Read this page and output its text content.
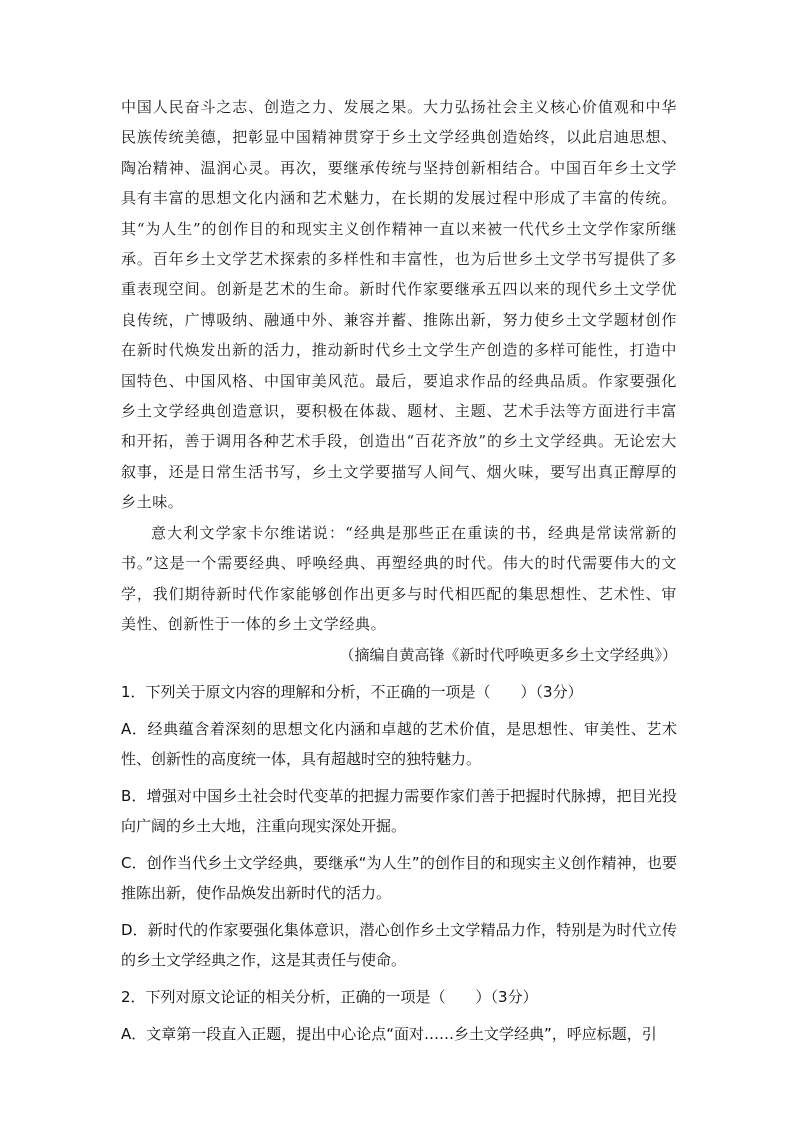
中国人民奋斗之志、创造之力、发展之果。大力弘扬社会主义核心价值观和中华民族传统美德，把彰显中国精神贯穿于乡土文学经典创造始终，以此启迪思想、陶冶精神、温润心灵。再次，要继承传统与坚持创新相结合。中国百年乡土文学具有丰富的思想文化内涵和艺术魅力，在长期的发展过程中形成了丰富的传统。其“为人生”的创作目的和现实主义创作精神一直以来被一代代乡土文学作家所继承。百年乡土文学艺术探索的多样性和丰富性，也为后世乡土文学书写提供了多重表现空间。创新是艺术的生命。新时代作家要继承五四以来的现代乡土文学优良传统，广博吸纳、融通中外、兼容并蓄、推陈出新，努力使乡土文学题材创作在新时代焕发出新的活力，推动新时代乡土文学生产创造的多样可能性，打造中国特色、中国风格、中国审美风范。最后，要追求作品的经典品质。作家要强化乡土文学经典创造意识，要积极在体裁、题材、主题、艺术手法等方面进行丰富和开拓，善于调用各种艺术手段，创造出“百花齐放”的乡土文学经典。无论宏大叙事，还是日常生活书写，乡土文学要描写人间气、烟火味，要写出真正醇厚的乡土味。

意大利文学家卡尔维诺说：“经典是那些正在重读的书，经典是常读常新的书。”这是一个需要经典、呼唤经典、再塑经典的时代。伟大的时代需要伟大的文学，我们期待新时代作家能够创作出更多与时代相匹配的集思想性、艺术性、审美性、创新性于一体的乡土文学经典。

（摘编自黄高锋《新时代呼唤更多乡土文学经典》）

1．下列关于原文内容的理解和分析，不正确的一项是（　　）（3分）

A．经典蕴含着深刻的思想文化内涵和卓越的艺术价值，是思想性、审美性、艺术性、创新性的高度统一体，具有超越时空的独特魅力。

B．增强对中国乡土社会时代变革的把握力需要作家们善于把握时代脉搏，把目光投向广阔的乡土大地，注重向现实深处开掘。

C．创作当代乡土文学经典，要继承“为人生”的创作目的和现实主义创作精神，也要推陈出新，使作品焕发出新时代的活力。

D．新时代的作家要强化集体意识，潜心创作乡土文学精品力作，特别是为时代立传的乡土文学经典之作，这是其责任与使命。

2．下列对原文论证的相关分析，正确的一项是（　　）（3分）

A．文章第一段直入正题，提出中心论点“面对……乡土文学经典”，呼应标题，引
